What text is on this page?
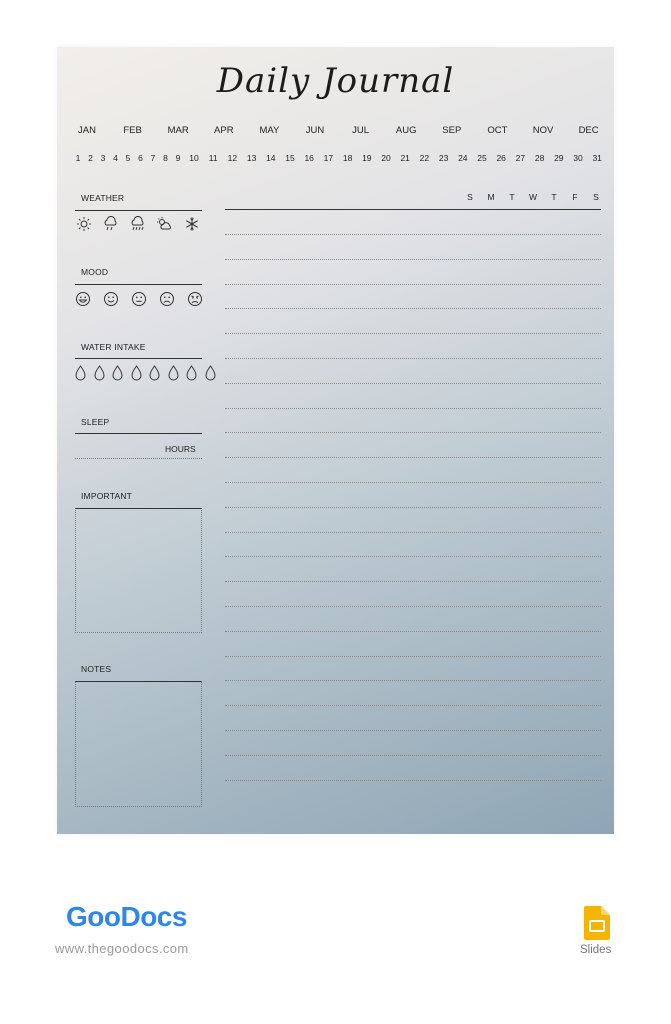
Daily Journal
JAN	FEB	MAR	APR	MAY	JUN	JUL	AUG	SEP	OCT	NOV	DEC
1 2 3 4 5 6 7 8 9 10 11 12 13 14 15 16 17 18 19 20 21 22 23 24 25 26 27 28 29 30 31
WEATHER
MOOD
WATER INTAKE
SLEEP
HOURS
IMPORTANT
NOTES
S M T W T F S
GooDocs
www.thegoodocs.com	Slides
